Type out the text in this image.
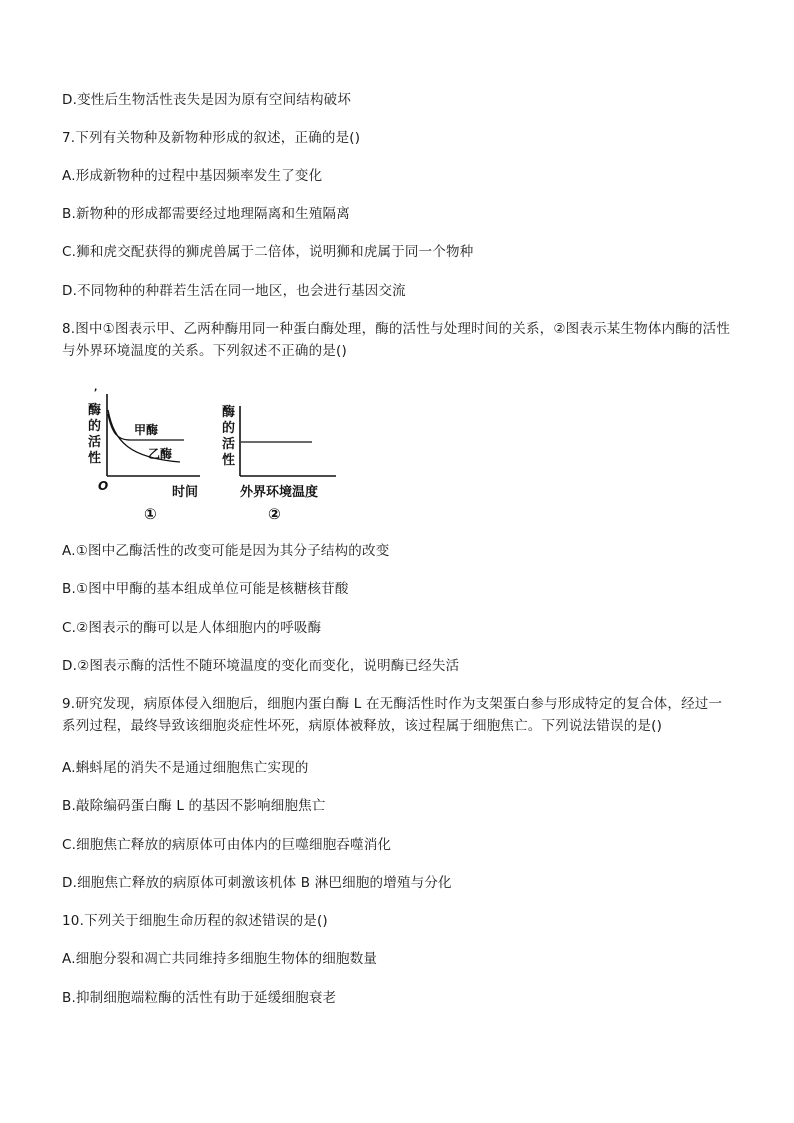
D.变性后生物活性丧失是因为原有空间结构破坏
7.下列有关物种及新物种形成的叙述，正确的是()
A.形成新物种的过程中基因频率发生了变化
B.新物种的形成都需要经过地理隔离和生殖隔离
C.狮和虎交配获得的狮虎兽属于二倍体，说明狮和虎属于同一个物种
D.不同物种的种群若生活在同一地区，也会进行基因交流
8.图中①图表示甲、乙两种酶用同一种蛋白酶处理，酶的活性与处理时间的关系，②图表示某生物体内酶的活性与外界环境温度的关系。下列叙述不正确的是()
,
酶
的
活
性
O	时间
甲酶
乙酶
①
酶
的
活
性
外界环境温度
②
A.①图中乙酶活性的改变可能是因为其分子结构的改变
B.①图中甲酶的基本组成单位可能是核糖核苷酸
C.②图表示的酶可以是人体细胞内的呼吸酶
D.②图表示酶的活性不随环境温度的变化而变化，说明酶已经失活
9.研究发现，病原体侵入细胞后，细胞内蛋白酶 L 在无酶活性时作为支架蛋白参与形成特定的复合体，经过一系列过程，最终导致该细胞炎症性坏死，病原体被释放，该过程属于细胞焦亡。下列说法错误的是()
A.蝌蚪尾的消失不是通过细胞焦亡实现的
B.敲除编码蛋白酶 L 的基因不影响细胞焦亡
C.细胞焦亡释放的病原体可由体内的巨噬细胞吞噬消化
D.细胞焦亡释放的病原体可刺激该机体 B 淋巴细胞的增殖与分化
10.下列关于细胞生命历程的叙述错误的是()
A.细胞分裂和凋亡共同维持多细胞生物体的细胞数量
B.抑制细胞端粒酶的活性有助于延缓细胞衰老
